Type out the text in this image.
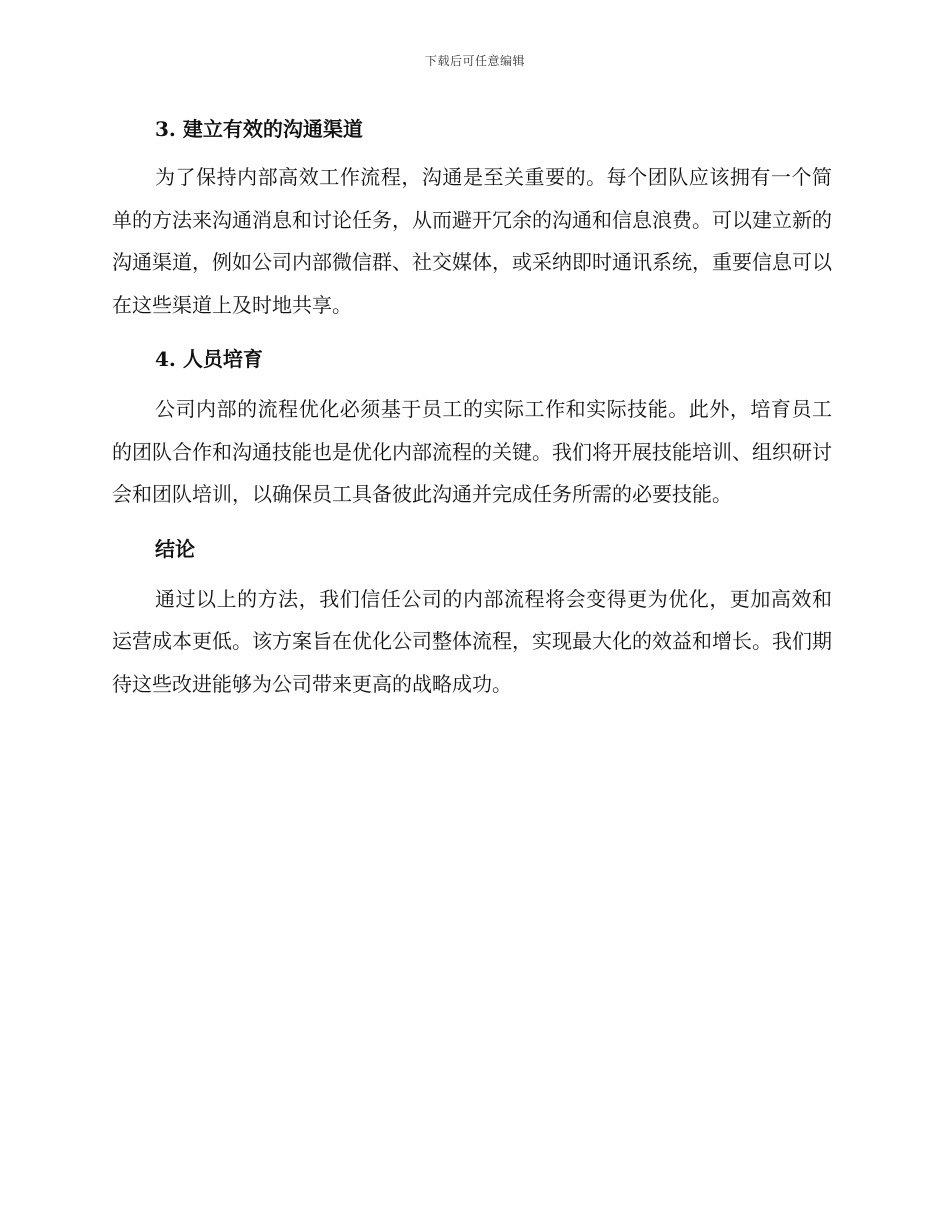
下载后可任意编辑
3. 建立有效的沟通渠道

为了保持内部高效工作流程，沟通是至关重要的。每个团队应该拥有一个简单的方法来沟通消息和讨论任务，从而避开冗余的沟通和信息浪费。可以建立新的沟通渠道，例如公司内部微信群、社交媒体，或采纳即时通讯系统，重要信息可以在这些渠道上及时地共享。

4. 人员培育

公司内部的流程优化必须基于员工的实际工作和实际技能。此外，培育员工的团队合作和沟通技能也是优化内部流程的关键。我们将开展技能培训、组织研讨会和团队培训，以确保员工具备彼此沟通并完成任务所需的必要技能。

结论

通过以上的方法，我们信任公司的内部流程将会变得更为优化，更加高效和运营成本更低。该方案旨在优化公司整体流程，实现最大化的效益和增长。我们期待这些改进能够为公司带来更高的战略成功。
